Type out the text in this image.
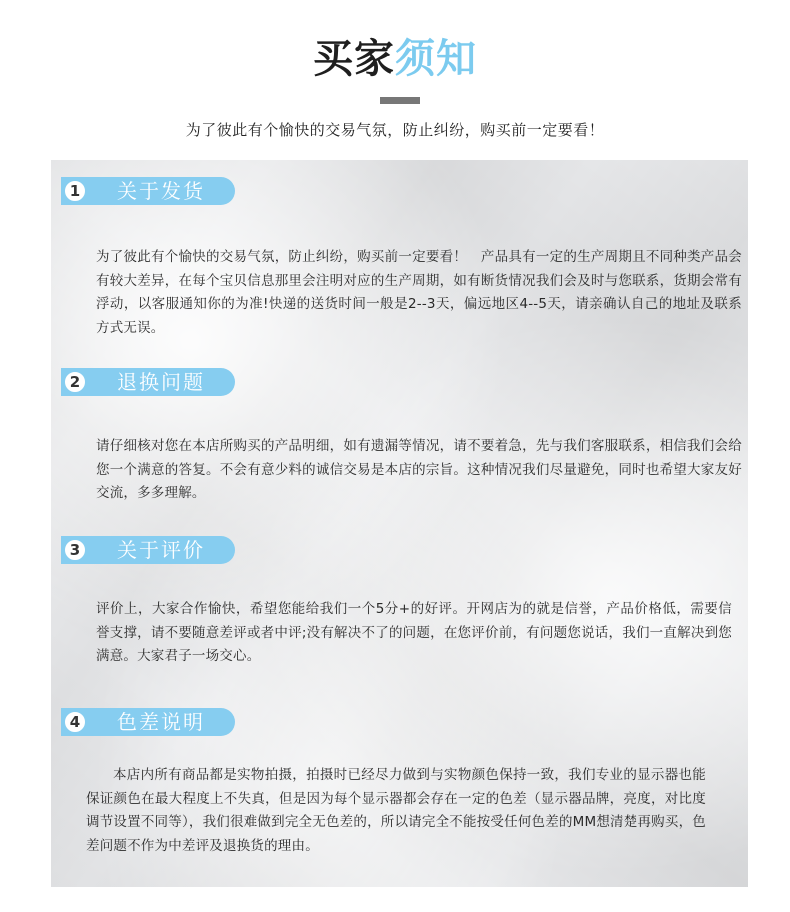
买家须知
为了彼此有个愉快的交易气氛，防止纠纷，购买前一定要看！
1	关于发货
为了彼此有个愉快的交易气氛，防止纠纷，购买前一定要看！　产品具有一定的生产周期且不同种类产品会有较大差异，在每个宝贝信息那里会注明对应的生产周期，如有断货情况我们会及时与您联系，货期会常有浮动，以客服通知你的为准!快递的送货时间一般是2--3天，偏远地区4--5天，请亲确认自己的地址及联系方式无误。
2	退换问题
请仔细核对您在本店所购买的产品明细，如有遗漏等情况，请不要着急，先与我们客服联系，相信我们会给您一个满意的答复。不会有意少料的诚信交易是本店的宗旨。这种情况我们尽量避免，同时也希望大家友好交流，多多理解。
3	关于评价
评价上，大家合作愉快，希望您能给我们一个5分+的好评。开网店为的就是信誉，产品价格低，需要信誉支撑，请不要随意差评或者中评;没有解决不了的问题，在您评价前，有问题您说话，我们一直解决到您满意。大家君子一场交心。
4	色差说明
本店内所有商品都是实物拍摄，拍摄时已经尽力做到与实物颜色保持一致，我们专业的显示器也能保证颜色在最大程度上不失真，但是因为每个显示器都会存在一定的色差（显示器品牌，亮度，对比度调节设置不同等），我们很难做到完全无色差的，所以请完全不能按受任何色差的MM想清楚再购买，色差问题不作为中差评及退换货的理由。
